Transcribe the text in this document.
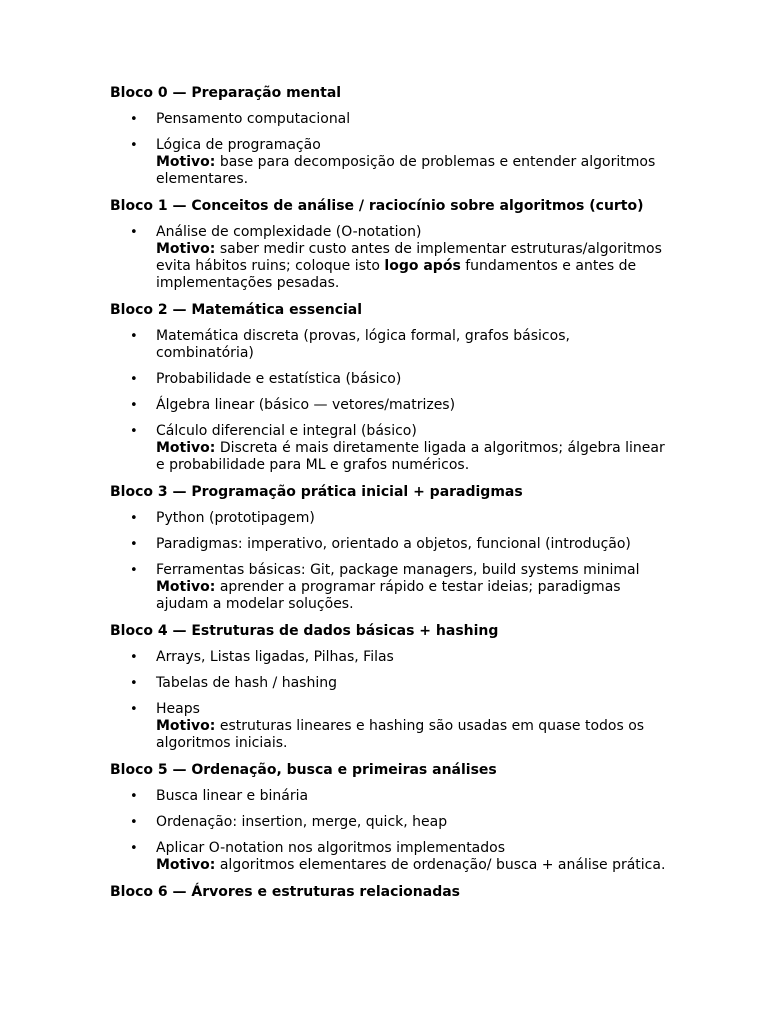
Bloco 0 — Preparação mental
• Pensamento computacional
• Lógica de programação
Motivo: base para decomposição de problemas e entender algoritmos elementares.
Bloco 1 — Conceitos de análise / raciocínio sobre algoritmos (curto)
• Análise de complexidade (O-notation)
Motivo: saber medir custo antes de implementar estruturas/algoritmos evita hábitos ruins; coloque isto logo após fundamentos e antes de implementações pesadas.
Bloco 2 — Matemática essencial
• Matemática discreta (provas, lógica formal, grafos básicos, combinatória)
• Probabilidade e estatística (básico)
• Álgebra linear (básico — vetores/matrizes)
• Cálculo diferencial e integral (básico)
Motivo: Discreta é mais diretamente ligada a algoritmos; álgebra linear e probabilidade para ML e grafos numéricos.
Bloco 3 — Programação prática inicial + paradigmas
• Python (prototipagem)
• Paradigmas: imperativo, orientado a objetos, funcional (introdução)
• Ferramentas básicas: Git, package managers, build systems minimal
Motivo: aprender a programar rápido e testar ideias; paradigmas ajudam a modelar soluções.
Bloco 4 — Estruturas de dados básicas + hashing
• Arrays, Listas ligadas, Pilhas, Filas
• Tabelas de hash / hashing
• Heaps
Motivo: estruturas lineares e hashing são usadas em quase todos os algoritmos iniciais.
Bloco 5 — Ordenação, busca e primeiras análises
• Busca linear e binária
• Ordenação: insertion, merge, quick, heap
• Aplicar O-notation nos algoritmos implementados
Motivo: algoritmos elementares de ordenação/ busca + análise prática.
Bloco 6 — Árvores e estruturas relacionadas
